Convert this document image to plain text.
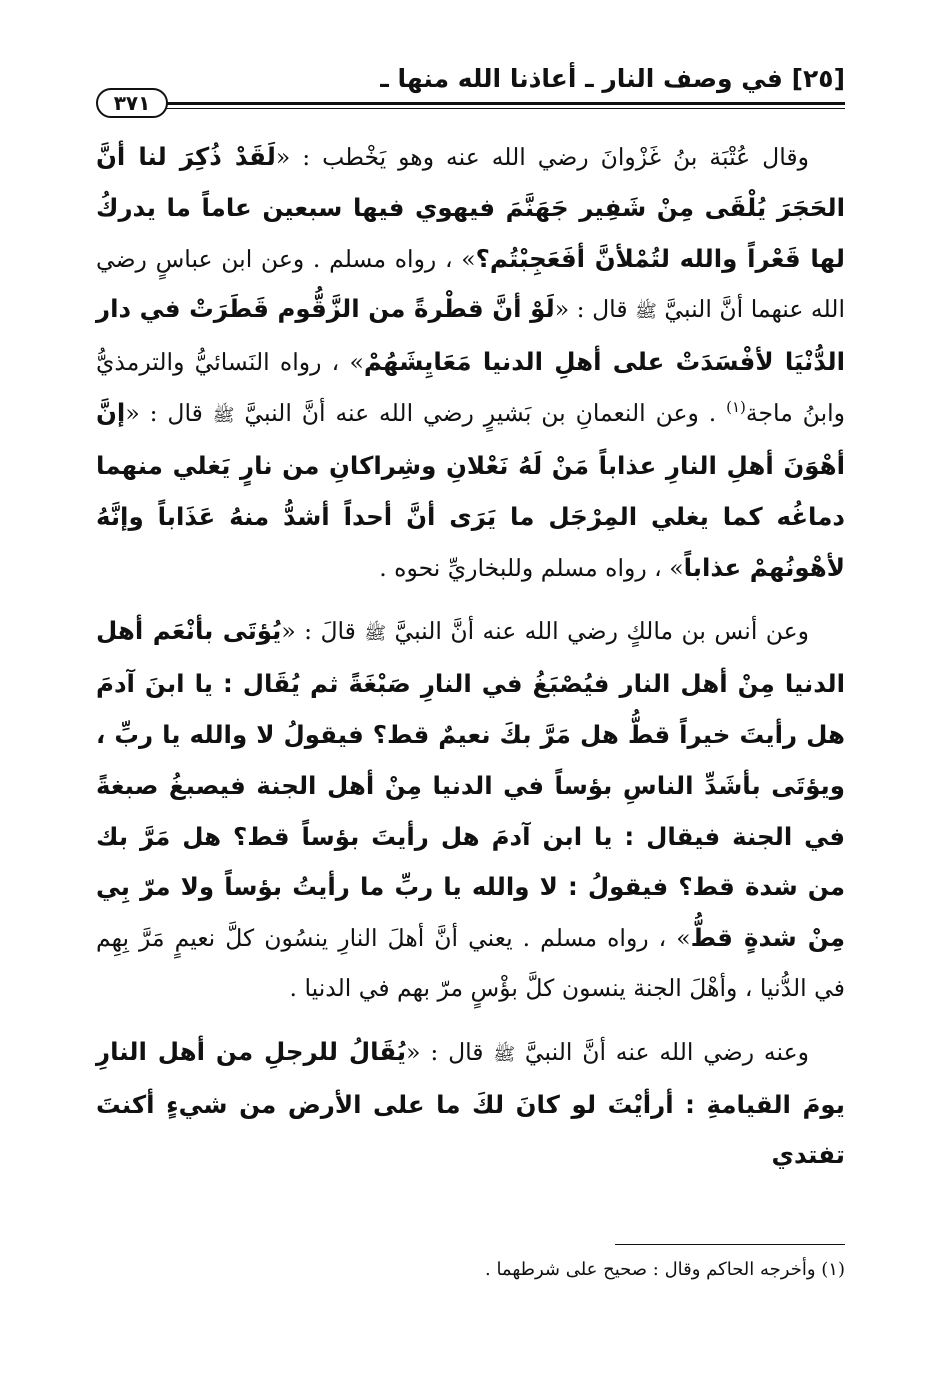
[٢٥] في وصف النار ـ أعاذنا الله منها ـ
٣٧١

وقال عُتْبَة بنُ غَزْوانَ رضي الله عنه وهو يَخْطب : «لَقَدْ ذُكِرَ لنا أنَّ الحَجَرَ يُلْقَى مِنْ شَفِير جَهَنَّمَ فيهوي فيها سبعين عاماً ما يدركُ لها قَعْراً والله لتُمْلأنَّ أفَعَجِبْتُم؟» ، رواه مسلم . وعن ابن عباسٍ رضي الله عنهما أنَّ النبيَّ ﷺ قال : «لَوْ أنَّ قطْرةً من الزَّقُّوم قَطَرَتْ في دار الدُّنْيَا لأفْسَدَتْ على أهلِ الدنيا مَعَايِشَهُمْ» ، رواه النَسائيُّ والترمذيُّ وابنُ ماجة$^{(١)}$ . وعن النعمانِ بن بَشيرٍ رضي الله عنه أنَّ النبيَّ ﷺ قال : «إنَّ أهْوَنَ أهلِ النارِ عذاباً مَنْ لَهُ نَعْلانِ وشِراكانِ من نارٍ يَغلي منهما دماغُه كما يغلي المِرْجَل ما يَرَى أنَّ أحداً أشدُّ منهُ عَذَاباً وإنَّهُ لأهْونُهمْ عذاباً» ، رواه مسلم وللبخاريِّ نحوه .

وعن أنس بن مالكٍ رضي الله عنه أنَّ النبيَّ ﷺ قالَ : «يُؤتَى بأنْعَم أهل الدنيا مِنْ أهل النار فيُصْبَغُ في النارِ صَبْغَةً ثم يُقَال : يا ابنَ آدمَ هل رأيتَ خيراً قطُّ هل مَرَّ بكَ نعيمٌ قط؟ فيقولُ لا والله يا ربِّ ، ويؤتَى بأشَدِّ الناسِ بؤساً في الدنيا مِنْ أهل الجنة فيصبغُ صبغةً في الجنة فيقال : يا ابن آدمَ هل رأيتَ بؤساً قط؟ هل مَرَّ بك من شدة قط؟ فيقولُ : لا والله يا ربِّ ما رأيتُ بؤساً ولا مرّ بِي مِنْ شدةٍ قطُّ» ، رواه مسلم . يعني أنَّ أهلَ النارِ ينسُون كلَّ نعيمٍ مَرَّ بِهِم في الدُّنيا ، وأهْلَ الجنة ينسون كلَّ بؤْسٍ مرّ بهم في الدنيا .

وعنه رضي الله عنه أنَّ النبيَّ ﷺ قال : «يُقَالُ للرجلِ من أهل النارِ يومَ القيامةِ : أرأيْتَ لو كانَ لكَ ما على الأرض من شيءٍ أكنتَ تفتدي

(١) وأخرجه الحاكم وقال : صحيح على شرطهما .
